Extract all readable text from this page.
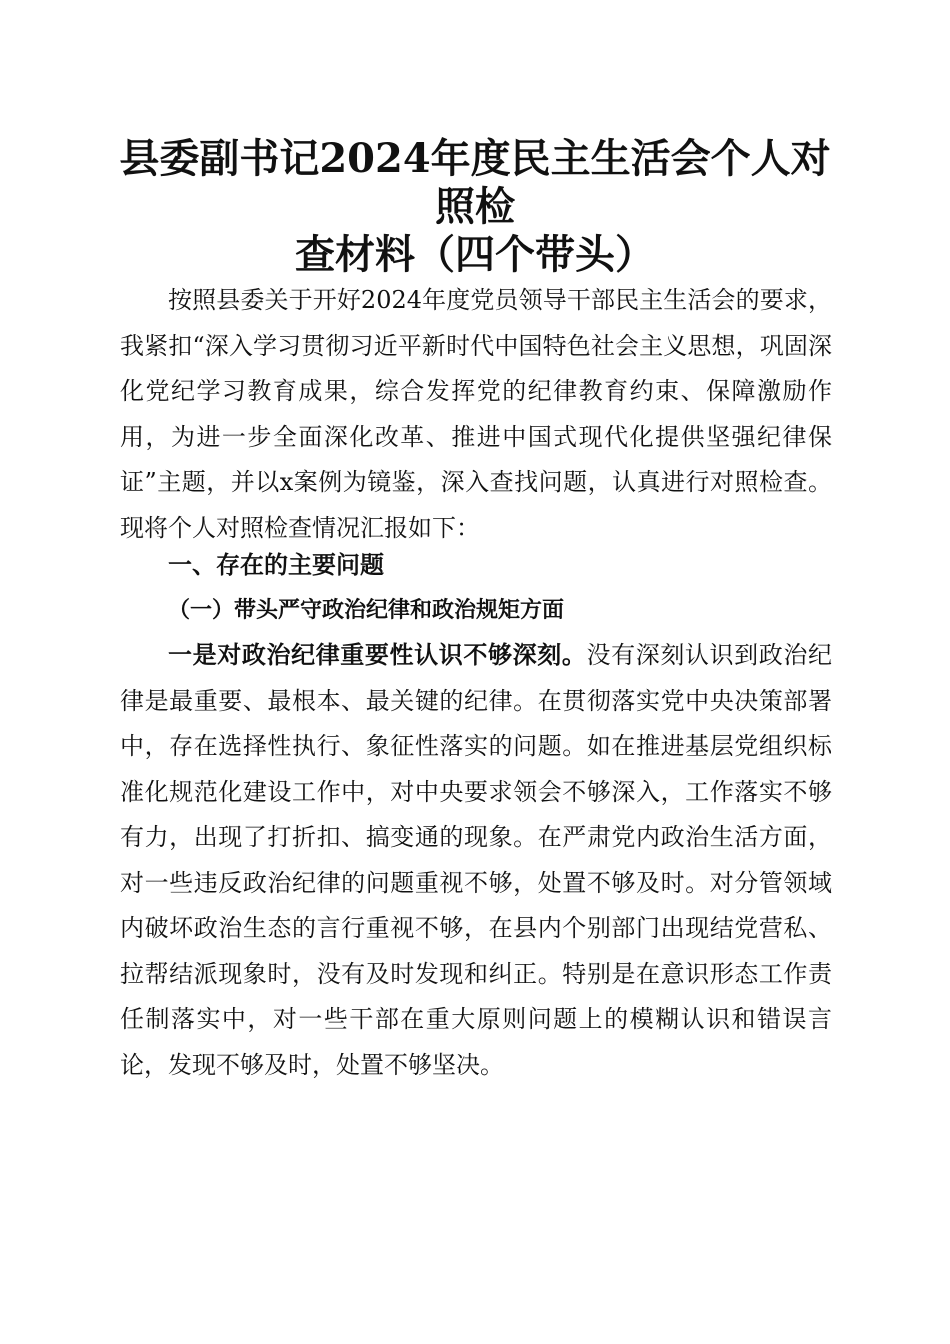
县委副书记2024年度民主生活会个人对照检
查材料（四个带头）

按照县委关于开好2024年度党员领导干部民主生活会的要求，我紧扣“深入学习贯彻习近平新时代中国特色社会主义思想，巩固深化党纪学习教育成果，综合发挥党的纪律教育约束、保障激励作用，为进一步全面深化改革、推进中国式现代化提供坚强纪律保证”主题，并以x案例为镜鉴，深入查找问题，认真进行对照检查。现将个人对照检查情况汇报如下：

一、存在的主要问题
（一）带头严守政治纪律和政治规矩方面

一是对政治纪律重要性认识不够深刻。没有深刻认识到政治纪律是最重要、最根本、最关键的纪律。在贯彻落实党中央决策部署中，存在选择性执行、象征性落实的问题。如在推进基层党组织标准化规范化建设工作中，对中央要求领会不够深入，工作落实不够有力，出现了打折扣、搞变通的现象。在严肃党内政治生活方面，对一些违反政治纪律的问题重视不够，处置不够及时。对分管领域内破坏政治生态的言行重视不够，在县内个别部门出现结党营私、拉帮结派现象时，没有及时发现和纠正。特别是在意识形态工作责任制落实中，对一些干部在重大原则问题上的模糊认识和错误言论，发现不够及时，处置不够坚决。
